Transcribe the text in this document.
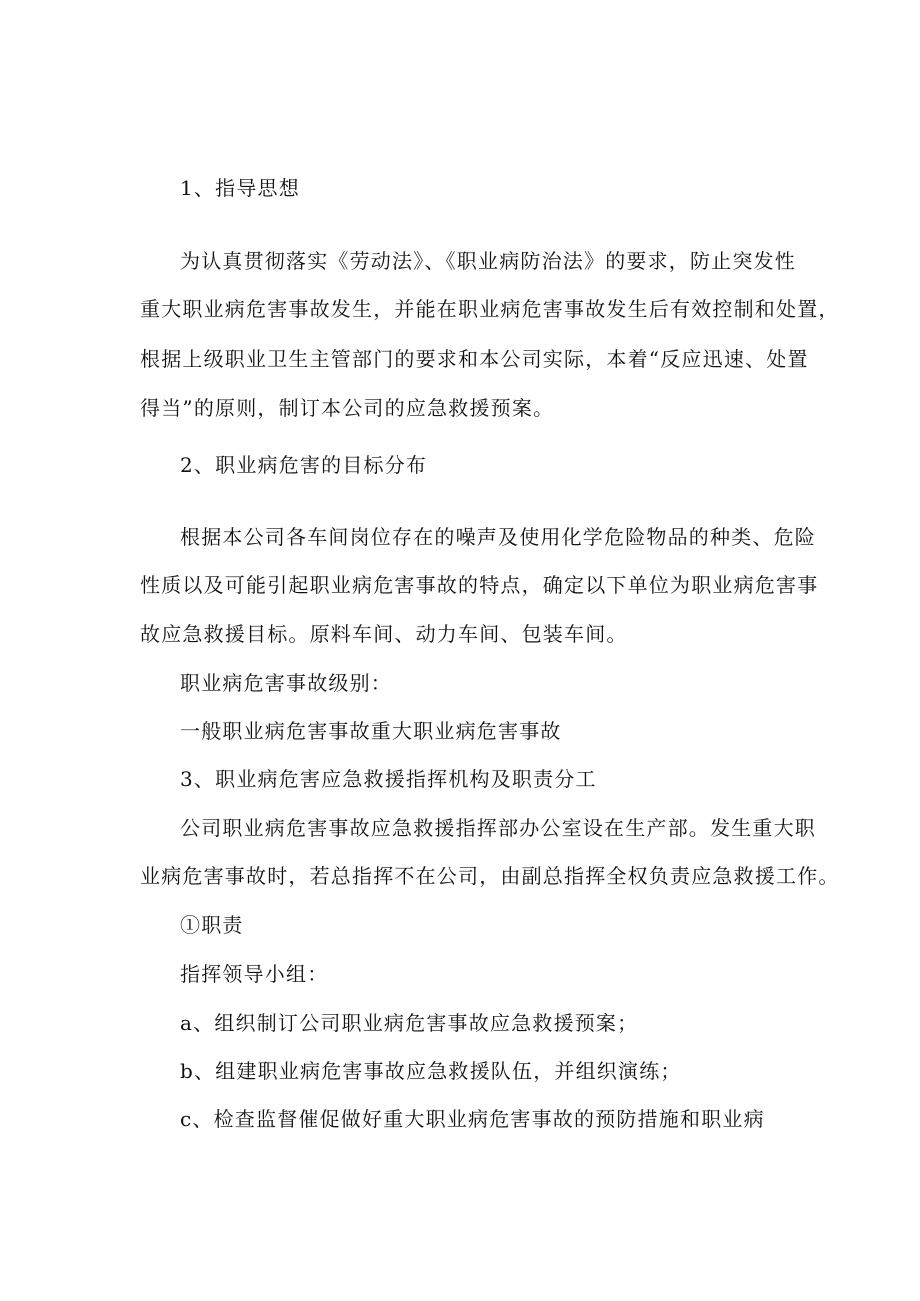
1、指导思想
为认真贯彻落实《劳动法》、《职业病防治法》的要求，防止突发性
重大职业病危害事故发生，并能在职业病危害事故发生后有效控制和处置，
根据上级职业卫生主管部门的要求和本公司实际，本着“反应迅速、处置
得当”的原则，制订本公司的应急救援预案。
2、职业病危害的目标分布
根据本公司各车间岗位存在的噪声及使用化学危险物品的种类、危险
性质以及可能引起职业病危害事故的特点，确定以下单位为职业病危害事
故应急救援目标。原料车间、动力车间、包装车间。
职业病危害事故级别：
一般职业病危害事故重大职业病危害事故
3、职业病危害应急救援指挥机构及职责分工
公司职业病危害事故应急救援指挥部办公室设在生产部。发生重大职
业病危害事故时，若总指挥不在公司，由副总指挥全权负责应急救援工作。
①职责
指挥领导小组：
a、组织制订公司职业病危害事故应急救援预案；
b、组建职业病危害事故应急救援队伍，并组织演练；
c、检查监督催促做好重大职业病危害事故的预防措施和职业病
